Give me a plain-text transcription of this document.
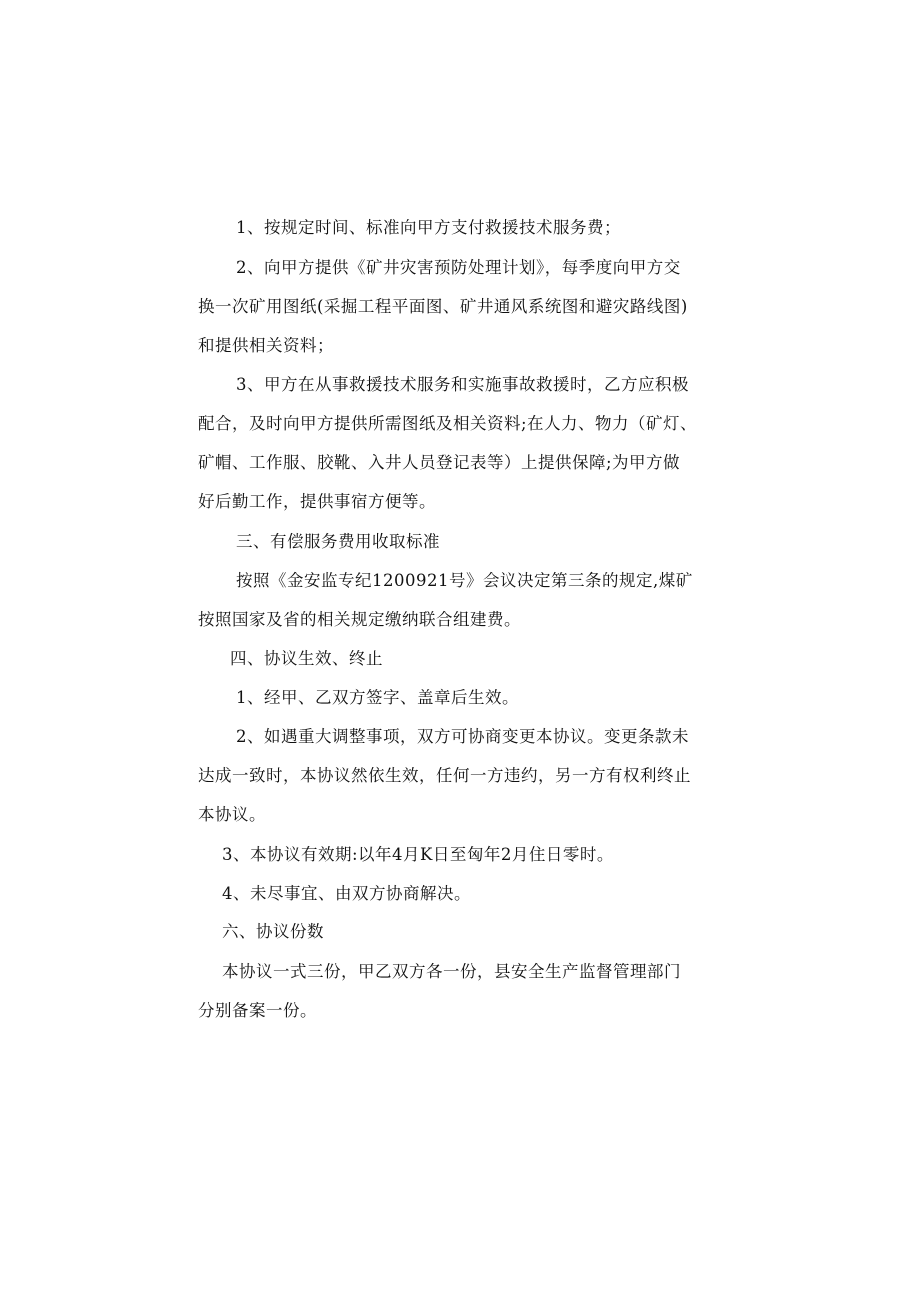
1、按规定时间、标准向甲方支付救援技术服务费；
2、向甲方提供《矿井灾害预防处理计划》，每季度向甲方交
换一次矿用图纸(采掘工程平面图、矿井通风系统图和避灾路线图)
和提供相关资料；
3、甲方在从事救援技术服务和实施事故救援时，乙方应积极
配合，及时向甲方提供所需图纸及相关资料;在人力、物力（矿灯、
矿帽、工作服、胶靴、入井人员登记表等）上提供保障;为甲方做
好后勤工作，提供事宿方便等。
三、有偿服务费用收取标准
按照《金安监专纪1200921号》会议决定第三条的规定,煤矿
按照国家及省的相关规定缴纳联合组建费。
四、协议生效、终止
1、经甲、乙双方签字、盖章后生效。
2、如遇重大调整事项，双方可协商变更本协议。变更条款未
达成一致时，本协议然依生效，任何一方违约，另一方有权利终止
本协议。
3、本协议有效期:以年4月K日至匈年2月住日零时。
4、未尽事宜、由双方协商解决。
六、协议份数
本协议一式三份，甲乙双方各一份，县安全生产监督管理部门
分别备案一份。
